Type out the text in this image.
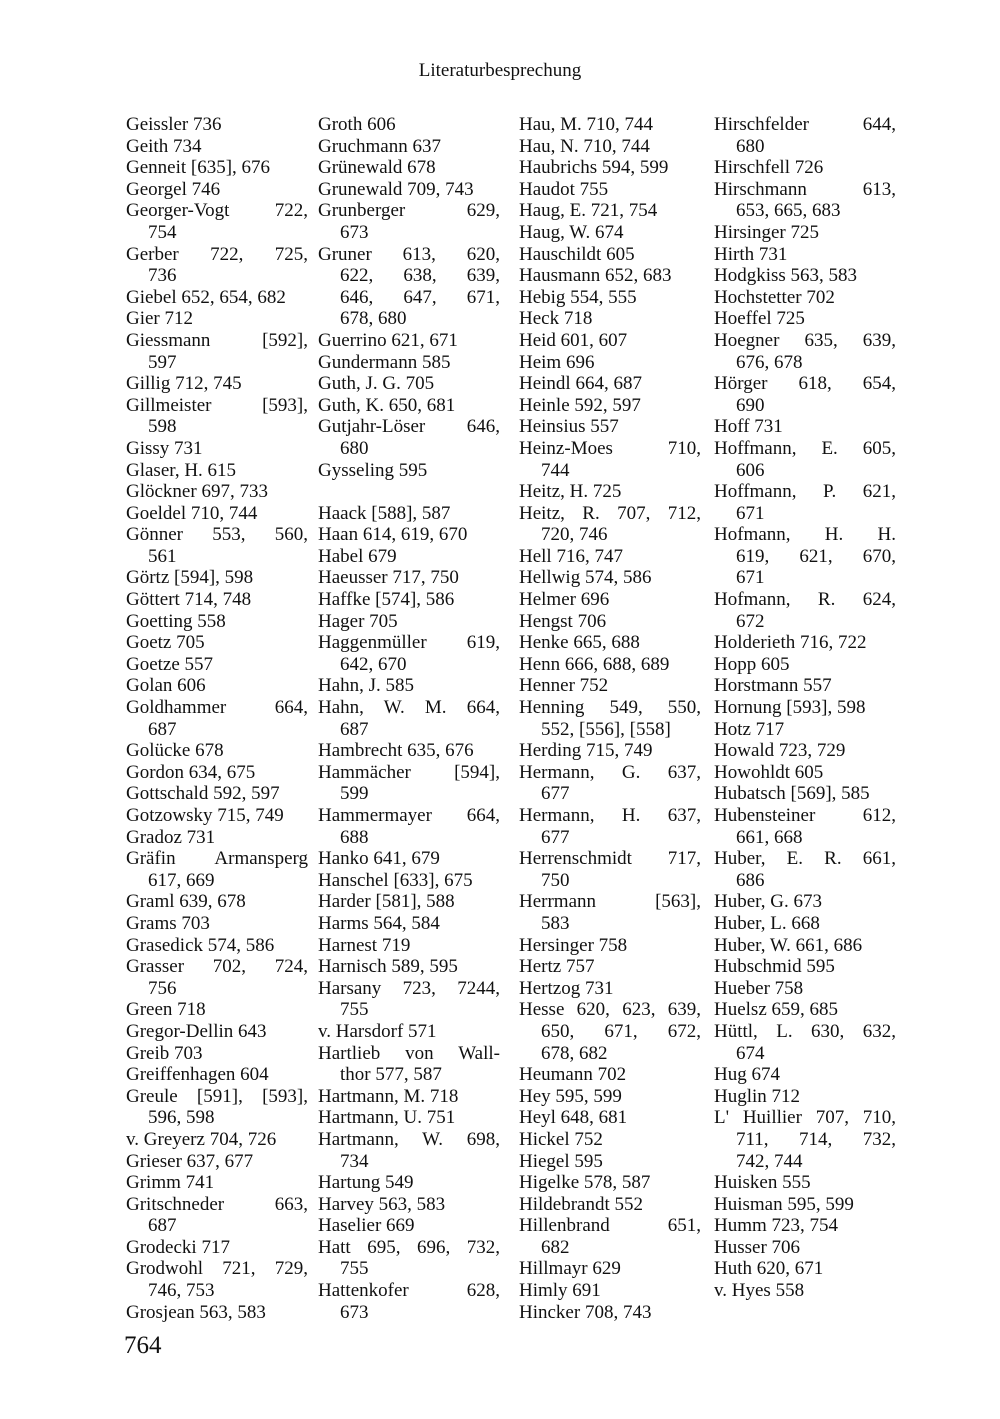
Literaturbesprechung
Geissler 736
Geith 734
Genneit [635], 676
Georgel 746
Georger-Vogt 722,
754
Gerber 722, 725,
736
Giebel 652, 654, 682
Gier 712
Giessmann [592],
597
Gillig 712, 745
Gillmeister [593],
598
Gissy 731
Glaser, H. 615
Glöckner 697, 733
Goeldel 710, 744
Gönner 553, 560,
561
Görtz [594], 598
Göttert 714, 748
Goetting 558
Goetz 705
Goetze 557
Golan 606
Goldhammer 664,
687
Golücke 678
Gordon 634, 675
Gottschald 592, 597
Gotzowsky 715, 749
Gradoz 731
Gräfin Armansperg
617, 669
Graml 639, 678
Grams 703
Grasedick 574, 586
Grasser 702, 724,
756
Green 718
Gregor-Dellin 643
Greib 703
Greiffenhagen 604
Greule [591], [593],
596, 598
v. Greyerz 704, 726
Grieser 637, 677
Grimm 741
Gritschneder 663,
687
Grodecki 717
Grodwohl 721, 729,
746, 753
Grosjean 563, 583
Groth 606
Gruchmann 637
Grünewald 678
Grunewald 709, 743
Grunberger 629,
673
Gruner 613, 620,
622, 638, 639,
646, 647, 671,
678, 680
Guerrino 621, 671
Gundermann 585
Guth, J. G. 705
Guth, K. 650, 681
Gutjahr-Löser 646,
680
Gysseling 595
Haack [588], 587
Haan 614, 619, 670
Habel 679
Haeusser 717, 750
Haffke [574], 586
Hager 705
Haggenmüller 619,
642, 670
Hahn, J. 585
Hahn, W. M. 664,
687
Hambrecht 635, 676
Hammächer [594],
599
Hammermayer 664,
688
Hanko 641, 679
Hanschel [633], 675
Harder [581], 588
Harms 564, 584
Harnest 719
Harnisch 589, 595
Harsany 723, 7244,
755
v. Harsdorf 571
Hartlieb von Wall-
thor 577, 587
Hartmann, M. 718
Hartmann, U. 751
Hartmann, W. 698,
734
Hartung 549
Harvey 563, 583
Haselier 669
Hatt 695, 696, 732,
755
Hattenkofer 628,
673
Hau, M. 710, 744
Hau, N. 710, 744
Haubrichs 594, 599
Haudot 755
Haug, E. 721, 754
Haug, W. 674
Hauschildt 605
Hausmann 652, 683
Hebig 554, 555
Heck 718
Heid 601, 607
Heim 696
Heindl 664, 687
Heinle 592, 597
Heinsius 557
Heinz-Moes 710,
744
Heitz, H. 725
Heitz, R. 707, 712,
720, 746
Hell 716, 747
Hellwig 574, 586
Helmer 696
Hengst 706
Henke 665, 688
Henn 666, 688, 689
Henner 752
Henning 549, 550,
552, [556], [558]
Herding 715, 749
Hermann, G. 637,
677
Hermann, H. 637,
677
Herrenschmidt 717,
750
Herrmann [563],
583
Hersinger 758
Hertz 757
Hertzog 731
Hesse 620, 623, 639,
650, 671, 672,
678, 682
Heumann 702
Hey 595, 599
Heyl 648, 681
Hickel 752
Hiegel 595
Higelke 578, 587
Hildebrandt 552
Hillenbrand 651,
682
Hillmayr 629
Himly 691
Hincker 708, 743
Hirschfelder 644,
680
Hirschfell 726
Hirschmann 613,
653, 665, 683
Hirsinger 725
Hirth 731
Hodgkiss 563, 583
Hochstetter 702
Hoeffel 725
Hoegner 635, 639,
676, 678
Hörger 618, 654,
690
Hoff 731
Hoffmann, E. 605,
606
Hoffmann, P. 621,
671
Hofmann, H. H.
619, 621, 670,
671
Hofmann, R. 624,
672
Holderieth 716, 722
Hopp 605
Horstmann 557
Hornung [593], 598
Hotz 717
Howald 723, 729
Howohldt 605
Hubatsch [569], 585
Hubensteiner 612,
661, 668
Huber, E. R. 661,
686
Huber, G. 673
Huber, L. 668
Huber, W. 661, 686
Hubschmid 595
Hueber 758
Huelsz 659, 685
Hüttl, L. 630, 632,
674
Hug 674
Huglin 712
L' Huillier 707, 710,
711, 714, 732,
742, 744
Huisken 555
Huisman 595, 599
Humm 723, 754
Husser 706
Huth 620, 671
v. Hyes 558
764
